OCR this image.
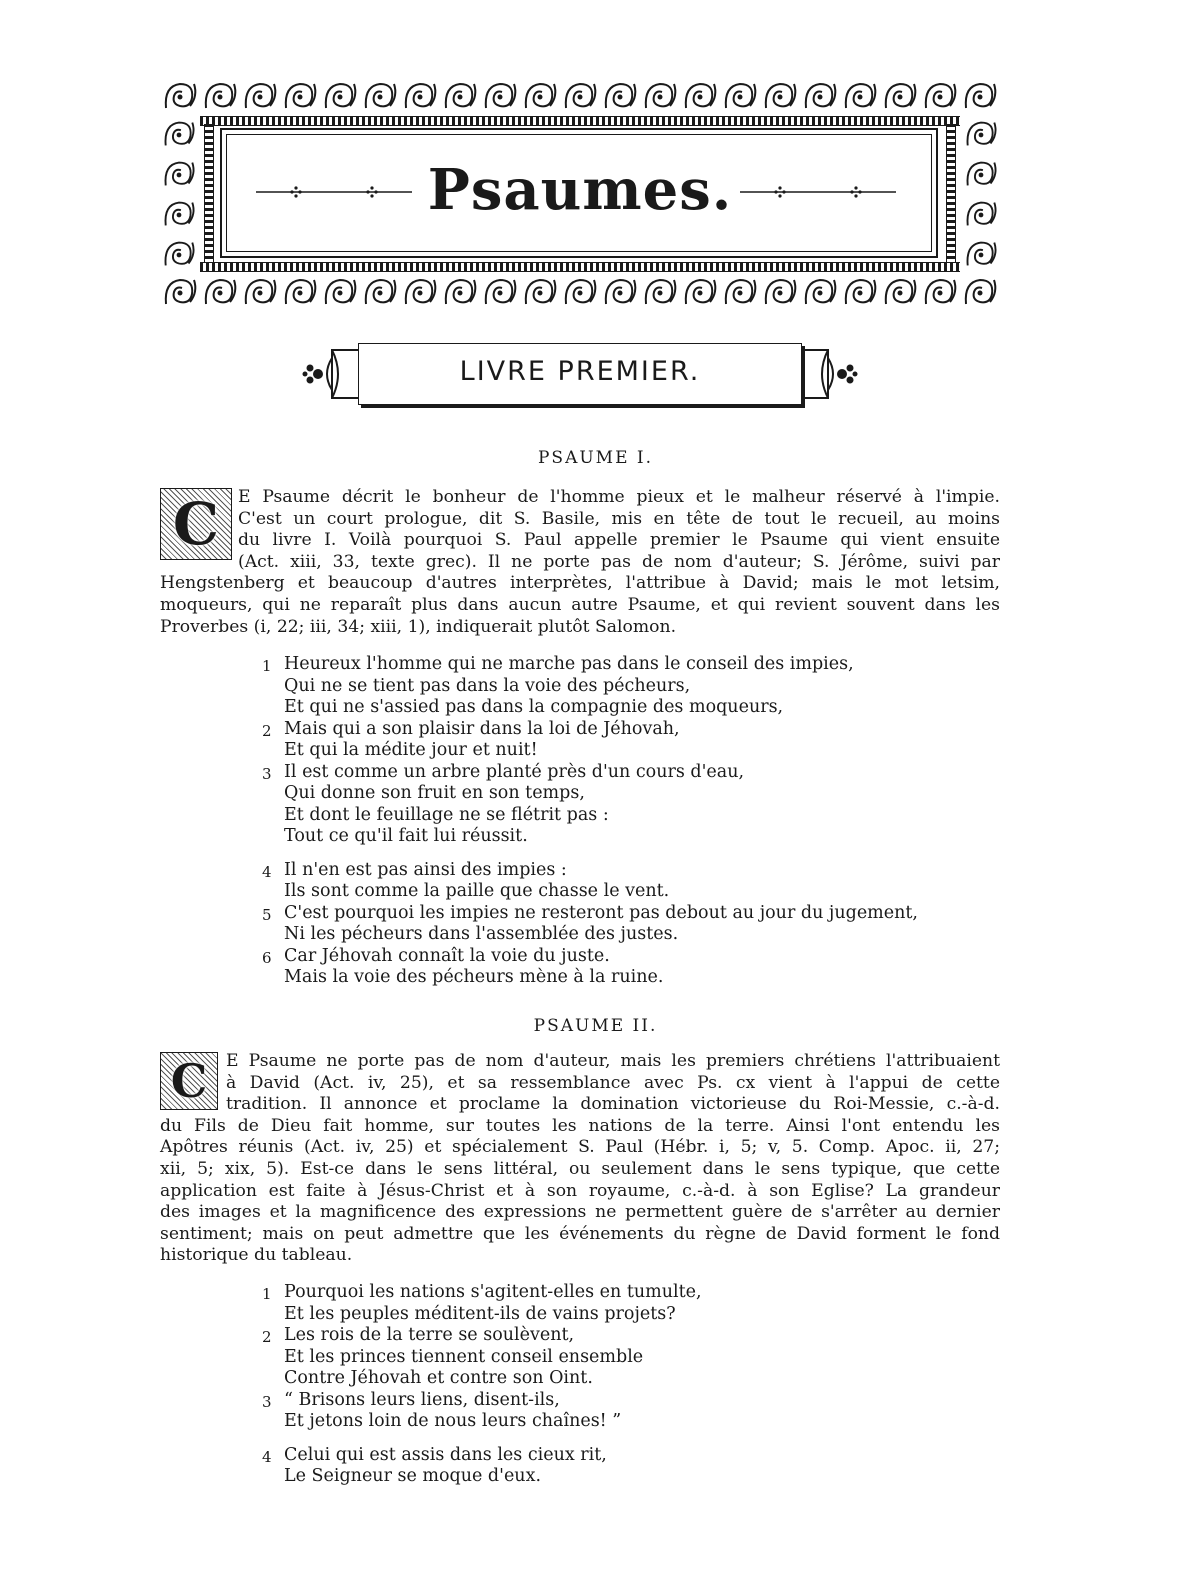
Psaumes.
LIVRE PREMIER.
PSAUME I.
C	E Psaume décrit le bonheur de l'homme pieux et le malheur réservé à l'impie.
C'est un court prologue, dit S. Basile, mis en tête de tout le recueil, au moins
du livre I. Voilà pourquoi S. Paul appelle premier le Psaume qui vient ensuite
(Act. xiii, 33, texte grec). Il ne porte pas de nom d'auteur; S. Jérôme, suivi par
Hengstenberg et beaucoup d'autres interprètes, l'attribue à David; mais le mot letsim,
moqueurs, qui ne reparaît plus dans aucun autre Psaume, et qui revient souvent dans les
Proverbes (i, 22; iii, 34; xiii, 1), indiquerait plutôt Salomon.
1 Heureux l'homme qui ne marche pas dans le conseil des impies,
Qui ne se tient pas dans la voie des pécheurs,
Et qui ne s'assied pas dans la compagnie des moqueurs,
2 Mais qui a son plaisir dans la loi de Jéhovah,
Et qui la médite jour et nuit!
3 Il est comme un arbre planté près d'un cours d'eau,
Qui donne son fruit en son temps,
Et dont le feuillage ne se flétrit pas :
Tout ce qu'il fait lui réussit.
4 Il n'en est pas ainsi des impies :
Ils sont comme la paille que chasse le vent.
5 C'est pourquoi les impies ne resteront pas debout au jour du jugement,
Ni les pécheurs dans l'assemblée des justes.
6 Car Jéhovah connaît la voie du juste.
Mais la voie des pécheurs mène à la ruine.
PSAUME II.
C	E Psaume ne porte pas de nom d'auteur, mais les premiers chrétiens l'attribuaient
à David (Act. iv, 25), et sa ressemblance avec Ps. cx vient à l'appui de cette
tradition. Il annonce et proclame la domination victorieuse du Roi-Messie, c.-à-d.
du Fils de Dieu fait homme, sur toutes les nations de la terre. Ainsi l'ont entendu les
Apôtres réunis (Act. iv, 25) et spécialement S. Paul (Hébr. i, 5; v, 5. Comp. Apoc. ii, 27;
xii, 5; xix, 5). Est-ce dans le sens littéral, ou seulement dans le sens typique, que cette
application est faite à Jésus-Christ et à son royaume, c.-à-d. à son Eglise? La grandeur
des images et la magnificence des expressions ne permettent guère de s'arrêter au dernier
sentiment; mais on peut admettre que les événements du règne de David forment le fond
historique du tableau.
1 Pourquoi les nations s'agitent-elles en tumulte,
Et les peuples méditent-ils de vains projets?
2 Les rois de la terre se soulèvent,
Et les princes tiennent conseil ensemble
Contre Jéhovah et contre son Oint.
3 “ Brisons leurs liens, disent-ils,
Et jetons loin de nous leurs chaînes! ”
4 Celui qui est assis dans les cieux rit,
Le Seigneur se moque d'eux.
